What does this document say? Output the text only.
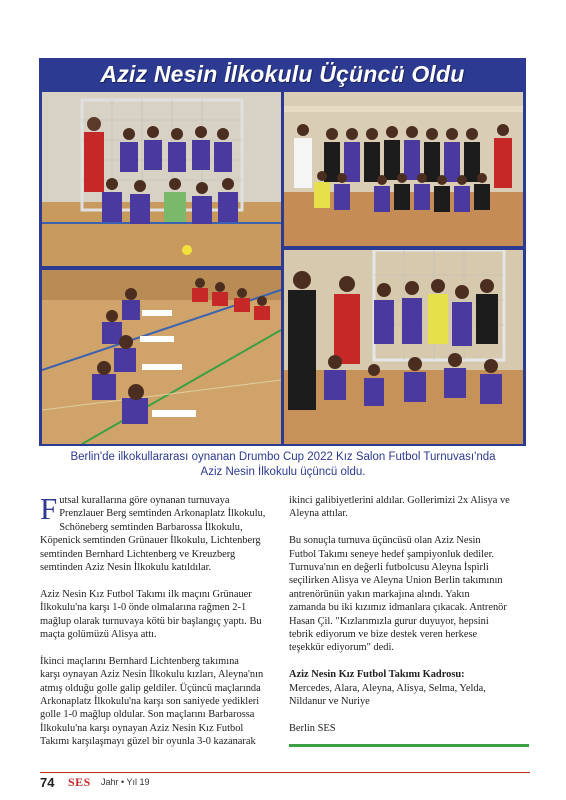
Aziz Nesin İlkokulu Üçüncü Oldu
Berlin'de ilkokullararası oynanan Drumbo Cup 2022 Kız Salon Futbol Turnuvası'nda
Aziz Nesin İlkokulu üçüncü oldu.

F utsal kurallarına göre oynanan turnuvaya
Prenzlauer Berg semtinden Arkonaplatz İlkokulu,
Schöneberg semtinden Barbarossa İlkokulu,
Köpenick semtinden Grünauer İlkokulu, Lichtenberg
semtinden Bernhard Lichtenberg ve Kreuzberg
semtinden Aziz Nesin İlkokulu katıldılar.

Aziz Nesin Kız Futbol Takımı ilk maçını Grünauer
İlkokulu'na karşı 1-0 önde olmalarına rağmen 2-1
mağlup olarak turnuvaya kötü bir başlangıç yaptı. Bu
maçta golümüzü Alisya attı.

İkinci maçlarını Bernhard Lichtenberg takımına
karşı oynayan Aziz Nesin İlkokulu kızları, Aleyna'nın
atmış olduğu golle galip geldiler. Üçüncü maçlarında
Arkonaplatz İlkokulu'na karşı son saniyede yedikleri
golle 1-0 mağlup oldular. Son maçlarını Barbarossa
İlkokulu'na karşı oynayan Aziz Nesin Kız Futbol
Takımı karşılaşmayı güzel bir oyunla 3-0 kazanarak

ikinci galibiyetlerini aldılar. Gollerimizi 2x Alisya ve
Aleyna attılar.

Bu sonuçla turnuva üçüncüsü olan Aziz Nesin
Futbol Takımı seneye hedef şampiyonluk dediler.
Turnuva'nın en değerli futbolcusu Aleyna İspirli
seçilirken Alisya ve Aleyna Union Berlin takımının
antrenörünün yakın markajına alındı. Yakın
zamanda bu iki kızımız idmanlara çıkacak. Antrenör
Hasan Çil. "Kızlarımızla gurur duyuyor, hepsini
tebrik ediyorum ve bize destek veren herkese
teşekkür ediyorum" dedi.

Aziz Nesin Kız Futbol Takımı Kadrosu:
Mercedes, Alara, Aleyna, Alisya, Selma, Yelda,
Nildanur ve Nuriye

Berlin SES

74 SES Jahr • Yıl 19
